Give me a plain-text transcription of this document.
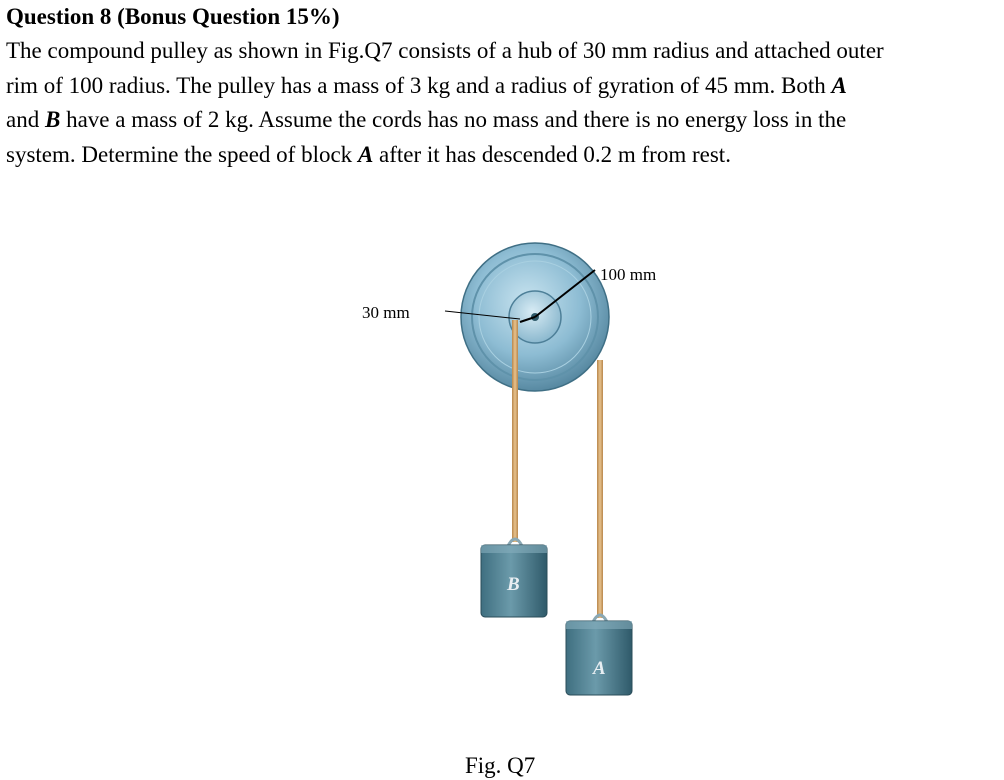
Question 8 (Bonus Question 15%)
The compound pulley as shown in Fig.Q7 consists of a hub of 30 mm radius and attached outer
rim of 100 radius. The pulley has a mass of 3 kg and a radius of gyration of 45 mm. Both A
and B have a mass of 2 kg. Assume the cords has no mass and there is no energy loss in the
system. Determine the speed of block A after it has descended 0.2 m from rest.
100 mm
30 mm
B
A
Fig. Q7
